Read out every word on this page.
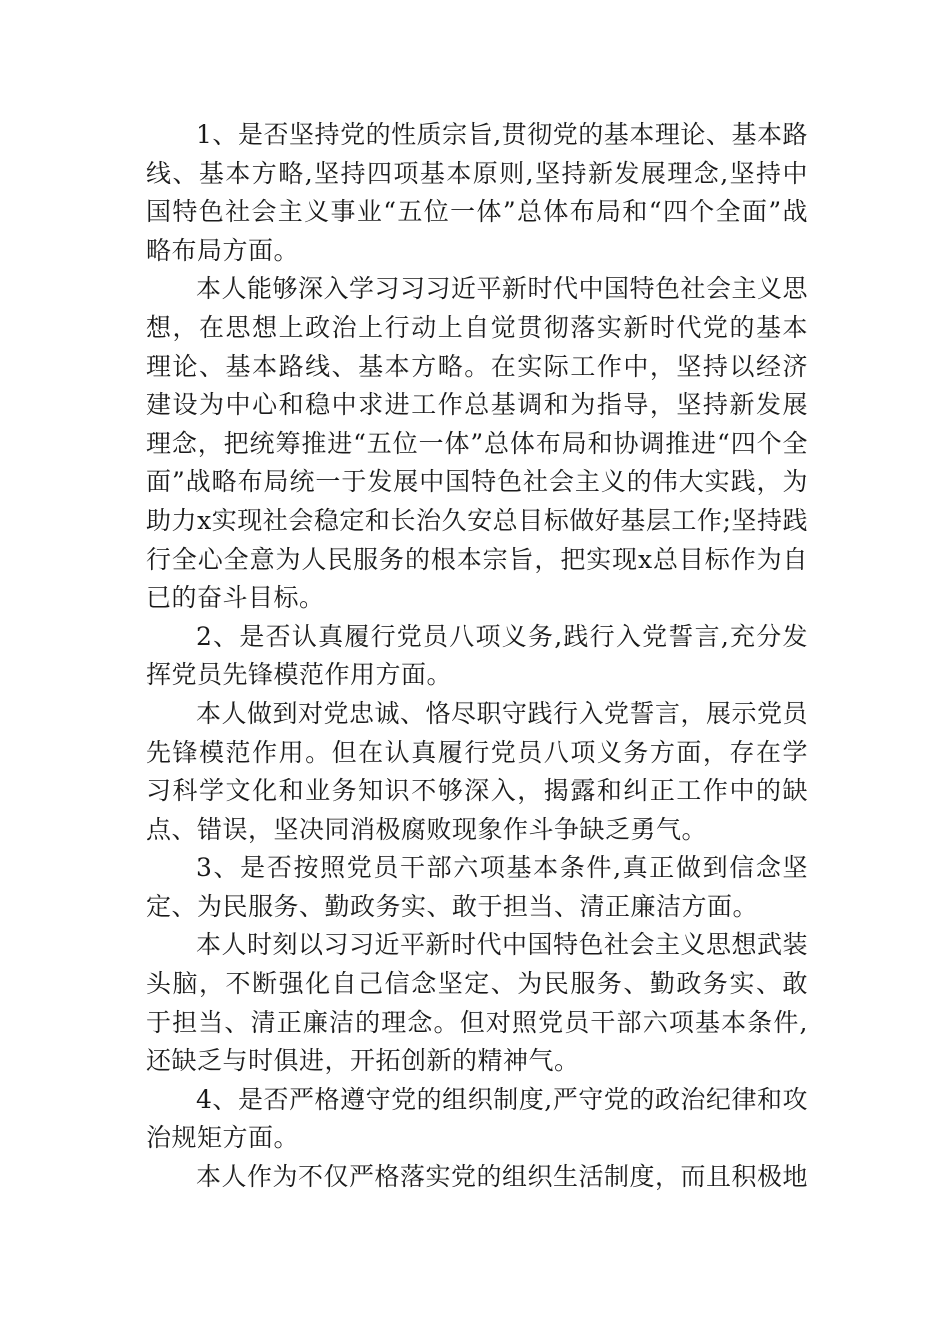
1、是否坚持党的性质宗旨,贯彻党的基本理论、基本路线、基本方略,坚持四项基本原则,坚持新发展理念,坚持中国特色社会主义事业“五位一体”总体布局和“四个全面”战略布局方面。

本人能够深入学习习习近平新时代中国特色社会主义思想，在思想上政治上行动上自觉贯彻落实新时代党的基本理论、基本路线、基本方略。在实际工作中，坚持以经济建设为中心和稳中求进工作总基调和为指导，坚持新发展理念，把统筹推进“五位一体”总体布局和协调推进“四个全面”战略布局统一于发展中国特色社会主义的伟大实践，为助力x实现社会稳定和长治久安总目标做好基层工作;坚持践行全心全意为人民服务的根本宗旨，把实现x总目标作为自已的奋斗目标。

2、是否认真履行党员八项义务,践行入党誓言,充分发挥党员先锋模范作用方面。

本人做到对党忠诚、恪尽职守践行入党誓言，展示党员先锋模范作用。但在认真履行党员八项义务方面，存在学习科学文化和业务知识不够深入，揭露和纠正工作中的缺点、错误，坚决同消极腐败现象作斗争缺乏勇气。

3、是否按照党员干部六项基本条件,真正做到信念坚定、为民服务、勤政务实、敢于担当、清正廉洁方面。

本人时刻以习习近平新时代中国特色社会主义思想武装头脑，不断强化自己信念坚定、为民服务、勤政务实、敢于担当、清正廉洁的理念。但对照党员干部六项基本条件,还缺乏与时俱进，开拓创新的精神气。

4、是否严格遵守党的组织制度,严守党的政治纪律和攻治规矩方面。

本人作为不仅严格落实党的组织生活制度，而且积极地
